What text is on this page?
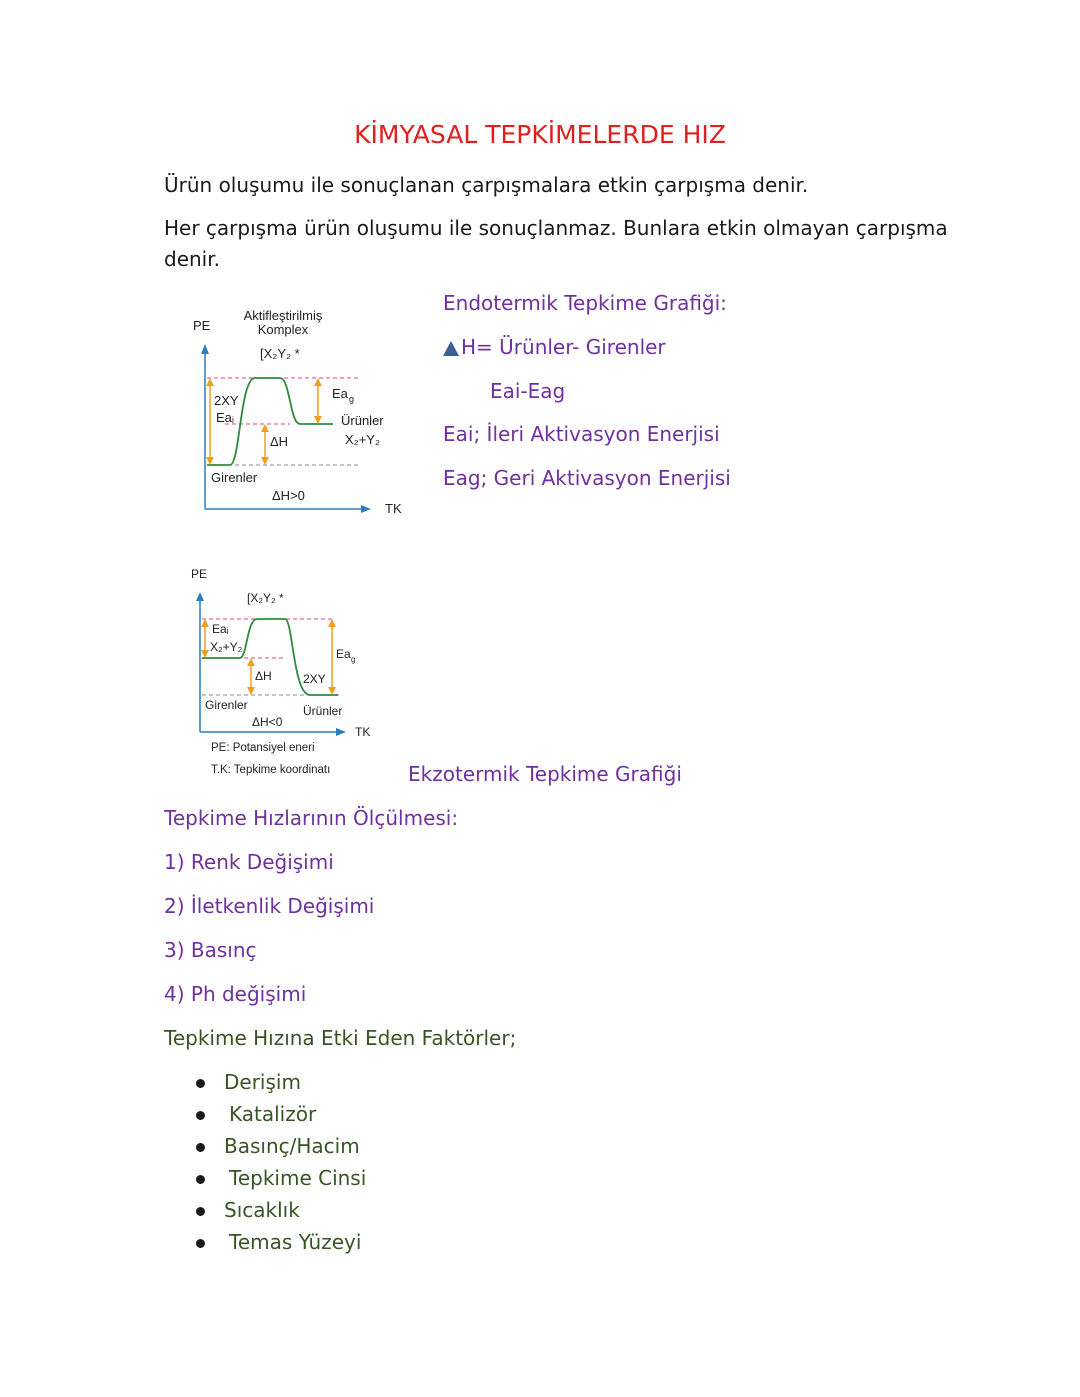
KİMYASAL TEPKİMELERDE HIZ
Ürün oluşumu ile sonuçlanan çarpışmalara etkin çarpışma denir.
Her çarpışma ürün oluşumu ile sonuçlanmaz. Bunlara etkin olmayan çarpışma
denir.
PE
Aktifleştirilmiş
Komplex
[X₂Y₂ *
2XY
Eaᵢ
Ea g
Ürünler
X₂+Y₂
ΔH
Girenler
ΔH>0
TK
Endotermik Tepkime Grafiği:
H= Ürünler- Girenler
Eai-Eag
Eai; İleri Aktivasyon Enerjisi
Eag; Geri Aktivasyon Enerjisi
PE
[X₂Y₂ *
Eaᵢ
X₂+Y₂	Ea g
ΔH	2XY
Girenler	Ürünler
ΔH<0
TK
PE: Potansiyel eneri
T.K: Tepkime koordinatı	Ekzotermik Tepkime Grafiği
Tepkime Hızlarının Ölçülmesi:
1) Renk Değişimi
2) İletkenlik Değişimi
3) Basınç
4) Ph değişimi
Tepkime Hızına Etki Eden Faktörler;
Derişim
Katalizör
Basınç/Hacim
Tepkime Cinsi
Sıcaklık
Temas Yüzeyi
